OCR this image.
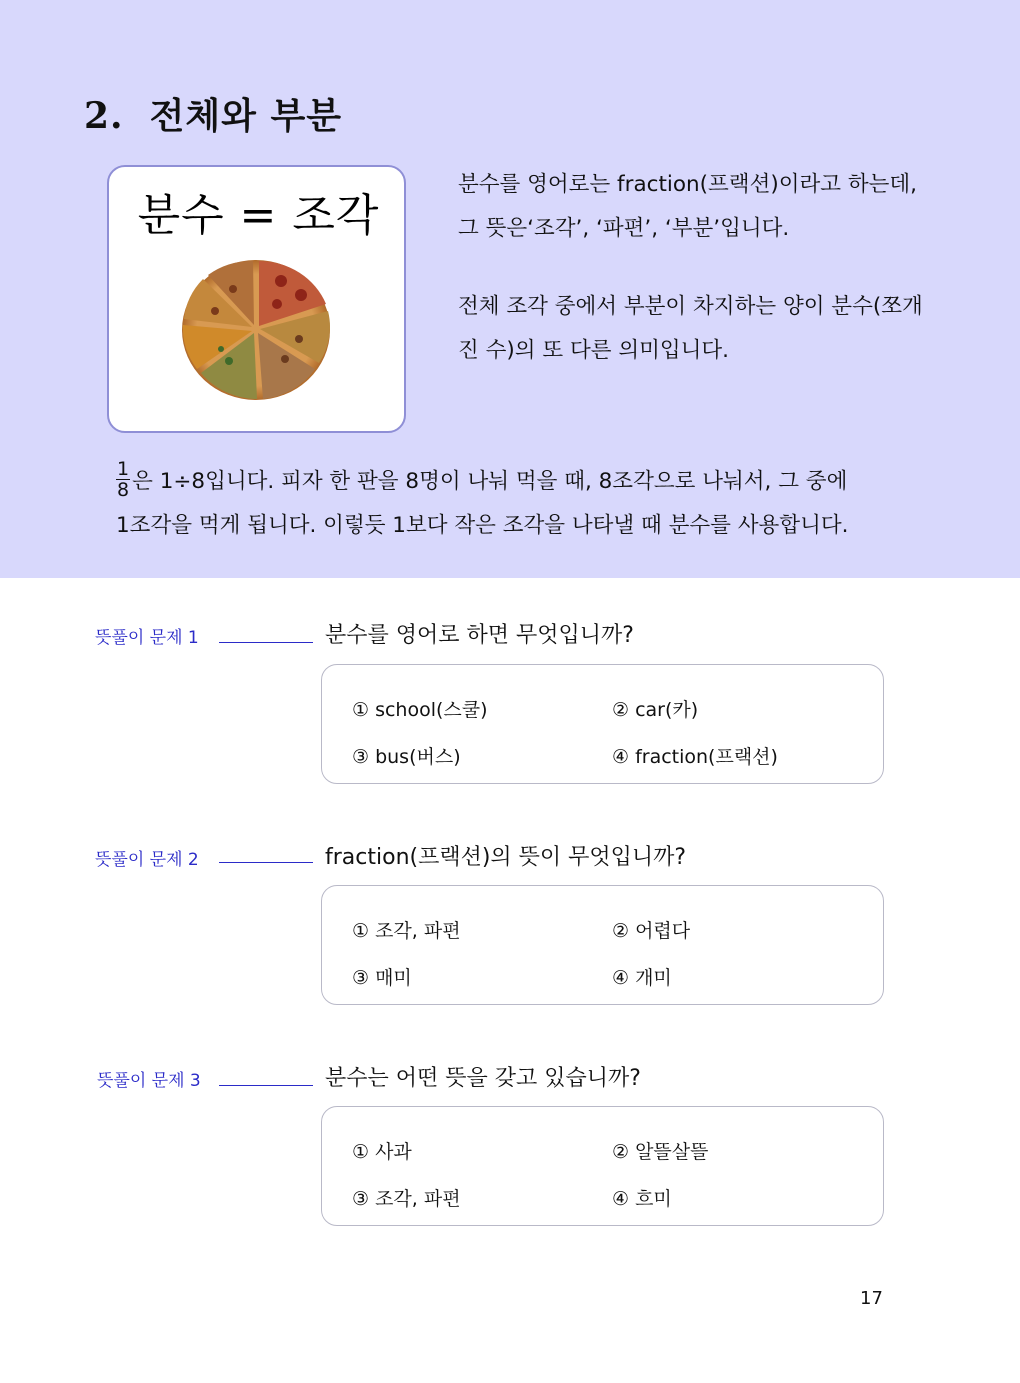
2. 전체와 부분
분수 = 조각

분수를 영어로는 fraction(프랙션)이라고 하는데, 그 뜻은‘조각’, ‘파편’, ‘부분’입니다.

전체 조각 중에서 부분이 차지하는 양이 분수(쪼개진 수)의 또 다른 의미입니다.

$\frac{1}{8}$ 은 1÷8입니다. 피자 한 판을 8명이 나눠 먹을 때, 8조각으로 나눠서, 그 중에
1조각을 먹게 됩니다. 이렇듯 1보다 작은 조각을 나타낼 때 분수를 사용합니다.
뜻풀이 문제 1	분수를 영어로 하면 무엇입니까?
① school(스쿨)	② car(카)
③ bus(버스)	④ fraction(프랙션)
뜻풀이 문제 2	fraction(프랙션)의 뜻이 무엇입니까?
① 조각, 파편	② 어렵다
③ 매미	④ 개미
뜻풀이 문제 3	분수는 어떤 뜻을 갖고 있습니까?
① 사과	② 알뜰살뜰
③ 조각, 파편	④ 흐미
17
